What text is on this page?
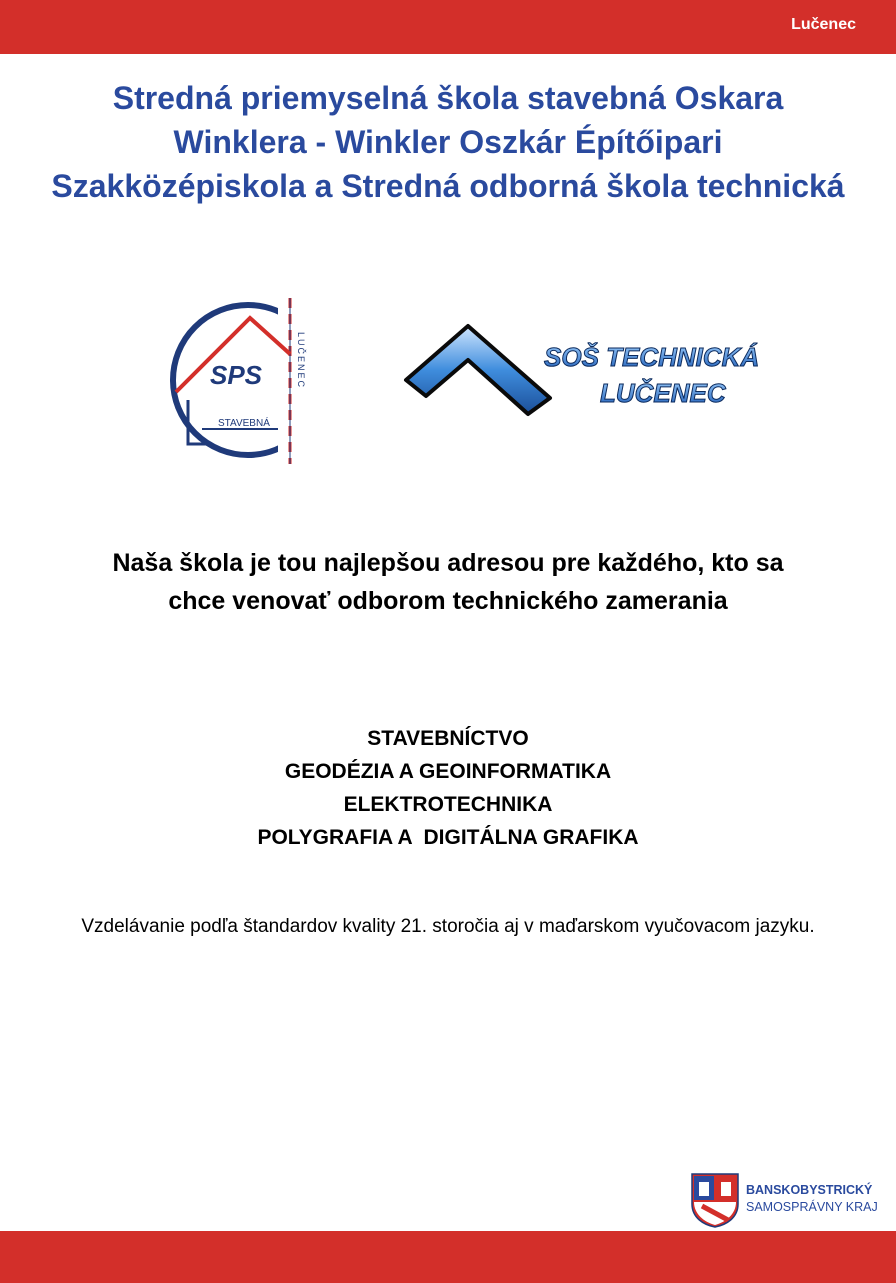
Lučenec
Stredná priemyselná škola stavebná Oskara
Winklera - Winkler Oszkár Építőipari
Szakközépiskola a Stredná odborná škola technická
SPS
STAVEBNÁ
LUČENEC	SOŠ TECHNICKÁ
LUČENEC
Naša škola je tou najlepšou adresou pre každého, kto sa
chce venovať odborom technického zamerania
STAVEBNÍCTVO
GEODÉZIA A GEOINFORMATIKA
ELEKTROTECHNIKA
POLYGRAFIA A  DIGITÁLNA GRAFIKA
Vzdelávanie podľa štandardov kvality 21. storočia aj v maďarskom vyučovacom jazyku.
BANSKOBYSTRICKÝ
SAMOSPRÁVNY KRAJ
